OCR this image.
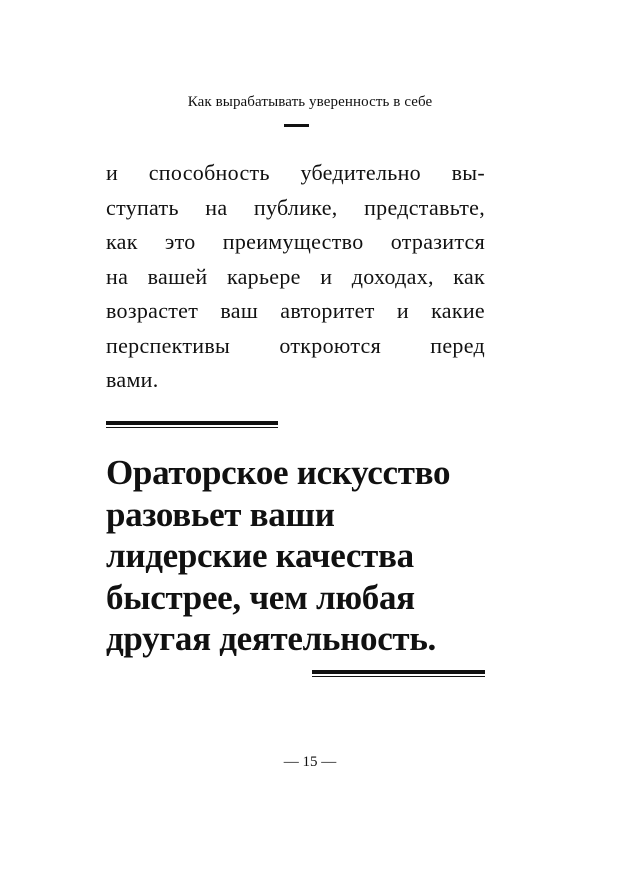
Как вырабатывать уверенность в себе

и способность убедительно вы-
ступать на публике, представьте,
как это преимущество отразится
на вашей карьере и доходах, как
возрастет ваш авторитет и какие
перспективы откроются перед
вами.

Ораторское искусство
разовьет ваши
лидерские качества
быстрее, чем любая
другая деятельность.
— 15 —
